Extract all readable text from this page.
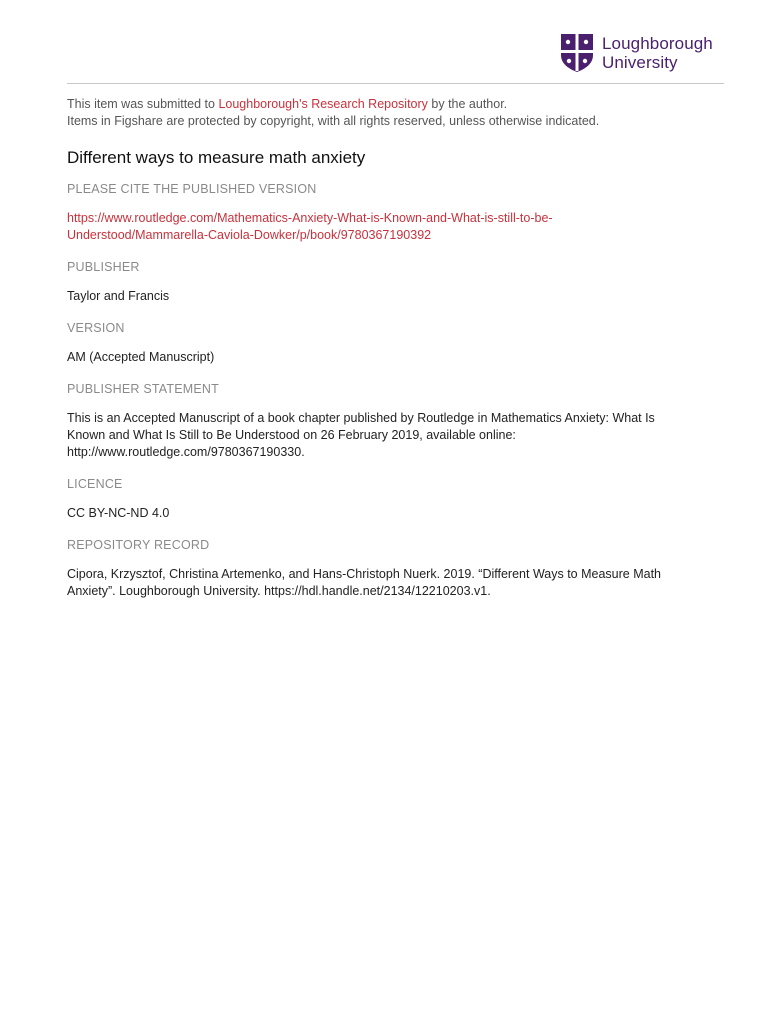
Loughborough
University
This item was submitted to Loughborough's Research Repository by the author.
Items in Figshare are protected by copyright, with all rights reserved, unless otherwise indicated.
Different ways to measure math anxiety
PLEASE CITE THE PUBLISHED VERSION
https://www.routledge.com/Mathematics-Anxiety-What-is-Known-and-What-is-still-to-be-
Understood/Mammarella-Caviola-Dowker/p/book/9780367190392
PUBLISHER
Taylor and Francis
VERSION
AM (Accepted Manuscript)
PUBLISHER STATEMENT
This is an Accepted Manuscript of a book chapter published by Routledge in Mathematics Anxiety: What Is
Known and What Is Still to Be Understood on 26 February 2019, available online:
http://www.routledge.com/9780367190330.
LICENCE
CC BY-NC-ND 4.0
REPOSITORY RECORD
Cipora, Krzysztof, Christina Artemenko, and Hans-Christoph Nuerk. 2019. “Different Ways to Measure Math
Anxiety”. Loughborough University. https://hdl.handle.net/2134/12210203.v1.
